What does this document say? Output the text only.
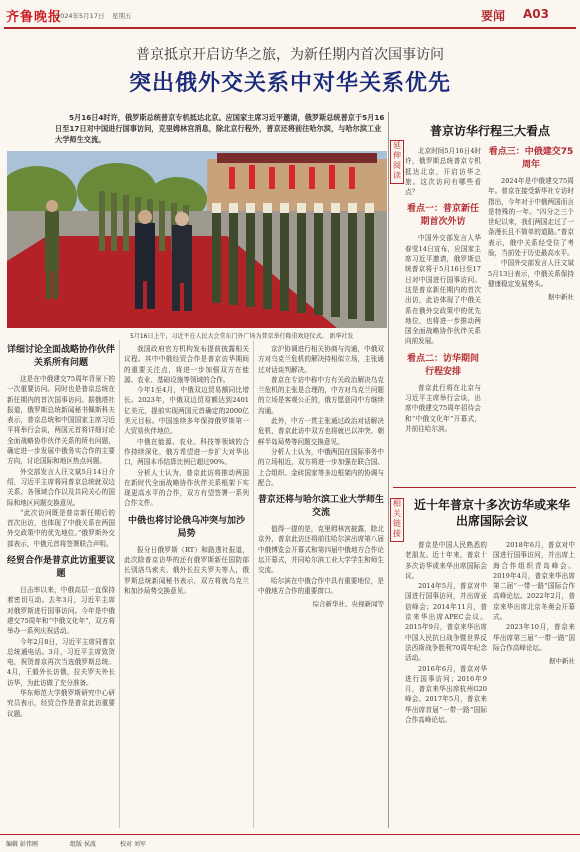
齐鲁晚报
2024年5月17日 星期五	要闻 A03
普京抵京开启访华之旅，为新任期内首次国事访问
突出俄外交关系中对华关系优先
5月16日4时许，俄罗斯总统普京专机抵达北京。应国家主席习近平邀请，俄罗斯总统普京于5月16日至17日对中国进行国事访问，克里姆林宫消息，除北京行程外，普京还将前往哈尔滨，与哈尔滨工业大学师生交流。
5月16日上午，习近平在人民大会堂东门外广场为普京举行隆重欢迎仪式。 新华社发
详细讨论全面战略协作伙伴关系所有问题

这是在中俄建交75周年背景下的一次重要访问。同时也是普京总统在新任期内的首次国事访问。据俄塔社报道，俄罗斯总统新闻秘书佩斯科夫表示，普京总统和中国国家主席习近平将举行会谈，两国元首将详细讨论全面战略协作伙伴关系的所有问题，确定进一步发展中俄务实合作的主要方向，讨论国际和地区热点问题。

外交部发言人汪文斌5月14日介绍，习近平主席将同普京总统就双边关系、各领域合作以及共同关心的国际和地区问题交换意见。

“此次访问既是普京新任期后的首次出访，也体现了中俄关系在两国外交政策中的优先地位。”俄罗斯外交部表示，中俄元首将签署联合声明。

经贸合作是普京此访重要议题

目击率以来，中俄高层一直保持着密切互动。去年3月，习近平主席对俄罗斯进行国事访问。今年是中俄建交75周年和“中俄文化年”，双方将举办一系列庆祝活动。

今年2月8日，习近平主席同普京总统通电话。3月，习近平主席致贺电，祝贺普京再次当选俄罗斯总统。4月，王毅外长访俄，拉夫罗夫外长访华，为此访做了充分准备。

华东师范大学俄罗斯研究中心研究员表示，经贸合作是普京此访重要议题。

我国政府官方机构发布提前披露相关议程。其中中俄经贸合作是普京访华期间的重要关注点，将进一步加强双方在能源、农业、基础设施等领域的合作。

今年1至4月，中俄双边贸易额同比增长。2023年，中俄双边贸易额达到2401亿美元，提前实现两国元首确定的2000亿美元目标。中国连续多年保持俄罗斯第一大贸易伙伴地位。

中俄在能源、农业、科技等领域的合作持续深化，俄方希望进一步扩大对华出口，两国本币结算比例已超过90%。

分析人士认为，普京此访将推动两国在新时代全面战略协作伙伴关系框架下实现更高水平的合作，双方有望签署一系列合作文件。

中俄也将讨论俄乌冲突与加沙局势

报分日俄罗斯（RT）和路透社报道，此次除普京访华的还有俄罗斯新任国防部长别洛乌索夫、俄外长拉夫罗夫等人，俄罗斯总统新闻秘书表示，双方将就乌克兰和加沙局势交换意见。

京沪协调进行相关协商与沟通，中俄双方对乌克兰危机的解决持相似立场，主张通过对话谈判解决。

普京在专访中称中方有关政治解决乌克兰危机的主张是合理的，中方对乌克兰问题的立场是客观公正的，俄方愿意同中方继续沟通。

此外，中方一贯主张通过政治对话解决危机，普京此访中双方也将就巴以冲突、朝鲜半岛局势等问题交换意见。

分析人士认为，中俄两国在国际事务中的立场相近，双方将进一步加强在联合国、上合组织、金砖国家等多边框架内的协调与配合。

普京还将与哈尔滨工业大学师生交流

值得一提的是，克里姆林宫披露，除北京外，普京此访还将前往哈尔滨出席第八届中俄博览会开幕式和第四届中俄地方合作论坛开幕式，并同哈尔滨工业大学学生和师生交流。

哈尔滨在中俄合作中具有重要地位，是中俄地方合作的重要窗口。

综合新华社、央视新闻等
延伸阅读
普京访华行程三大看点

北京时间5月16日4时许，俄罗斯总统普京专机抵达北京，开启访华之旅。这次访问有哪些看点？

看点一：普京新任期首次外访

中国外交部发言人华春莹14日宣布，应国家主席习近平邀请，俄罗斯总统普京将于5月16日至17日对中国进行国事访问。这是普京新任期内的首次出访，此访体现了中俄关系在俄外交政策中的优先地位，也将进一步推动两国全面战略协作伙伴关系向前发展。

看点二：访华期间行程安排

普京此行将在北京与习近平主席举行会谈，出席中俄建交75周年招待会和“中俄文化年”开幕式，并前往哈尔滨。

看点三：中俄建交75周年

2024年是中俄建交75周年。普京在接受新华社专访时指出，今年对于中俄两国而言是特殊的一年。“四分之三个世纪以来，我们两国走过了一条漫长且不简单的道路。”普京表示，俄中关系经受住了考验，当前处于历史最高水平。

中国外交部发言人汪文斌5月13日表示，中俄关系保持健康稳定发展势头。

据中新社
相关链接
近十年普京十多次访华或来华出席国际会议

普京是中国人民熟悉的老朋友。近十年来，普京十多次访华或来华出席国际会议。

2014年5月，普京对中国进行国事访问，并出席亚信峰会；2014年11月，普京来华出席APEC会议。2015年9月，普京来华出席中国人民抗日战争暨世界反法西斯战争胜利70周年纪念活动。

2016年6月，普京对华进行国事访问；2016年9月，普京来华出席杭州G20峰会。2017年5月，普京来华出席首届“一带一路”国际合作高峰论坛。

2018年6月，普京对中国进行国事访问，并出席上海合作组织青岛峰会。2019年4月，普京来华出席第二届“一带一路”国际合作高峰论坛。2022年2月，普京来华出席北京冬奥会开幕式。

2023年10月，普京来华出席第三届“一带一路”国际合作高峰论坛。

据中新社
编辑 彭伟刚	组版 侯波	校对 刘军
